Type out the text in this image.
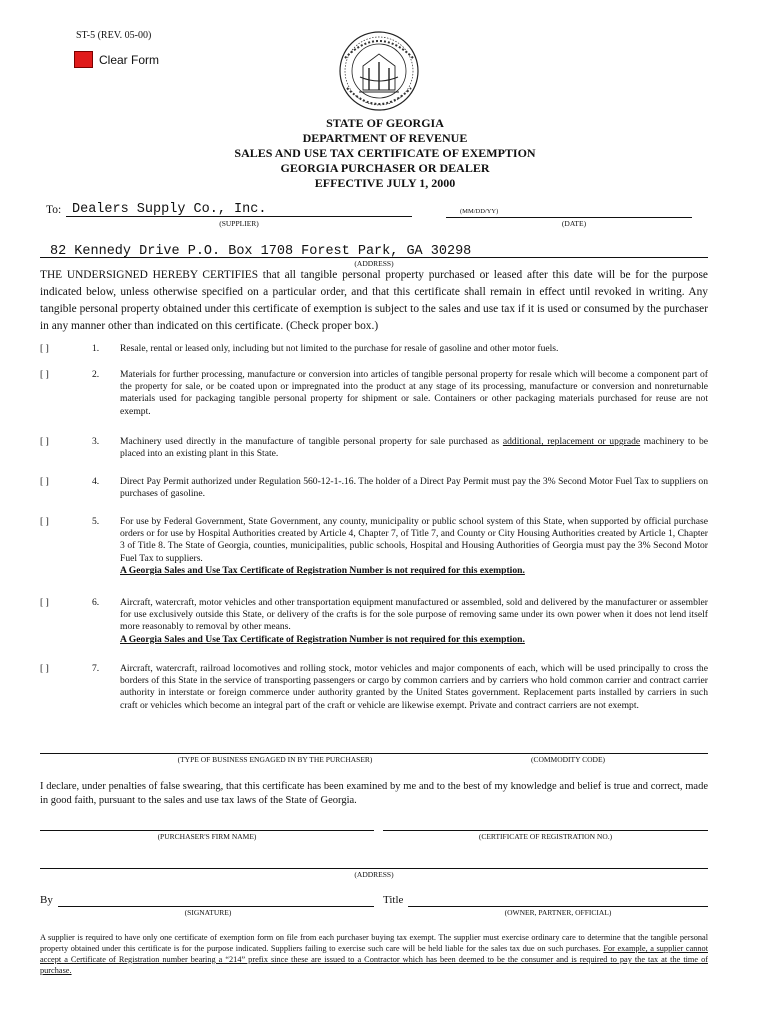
ST-5 (REV. 05-00)
Clear Form
STATE OF GEORGIA
DEPARTMENT OF REVENUE
SALES AND USE TAX CERTIFICATE OF EXEMPTION
GEORGIA PURCHASER OR DEALER
EFFECTIVE JULY 1, 2000
To: Dealers Supply Co., Inc.
(SUPPLIER)
(MM/DD/YY)
(DATE)
82 Kennedy Drive P.O. Box 1708 Forest Park, GA 30298
(ADDRESS)
THE UNDERSIGNED HEREBY CERTIFIES that all tangible personal property purchased or leased after this date will be for the purpose indicated below, unless otherwise specified on a particular order, and that this certificate shall remain in effect until revoked in writing. Any tangible personal property obtained under this certificate of exemption is subject to the sales and use tax if it is used or consumed by the purchaser in any manner other than indicated on this certificate. (Check proper box.)
[ ]	1. Resale, rental or leased only, including but not limited to the purchase for resale of gasoline and other motor fuels.
[ ]	2. Materials for further processing, manufacture or conversion into articles of tangible personal property for resale which will become a component part of the property for sale, or be coated upon or impregnated into the product at any stage of its processing, manufacture or conversion and nonreturnable materials used for packaging tangible personal property for shipment or sale. Containers or other packaging materials purchased for reuse are not exempt.
[ ]	3. Machinery used directly in the manufacture of tangible personal property for sale purchased as additional, replacement or upgrade machinery to be placed into an existing plant in this State.
[ ]	4. Direct Pay Permit authorized under Regulation 560-12-1-.16. The holder of a Direct Pay Permit must pay the 3% Second Motor Fuel Tax to suppliers on purchases of gasoline.
[ ]	5. For use by Federal Government, State Government, any county, municipality or public school system of this State, when supported by official purchase orders or for use by Hospital Authorities created by Article 4, Chapter 7, of Title 7, and County or City Housing Authorities created by Article 1, Chapter 3 of Title 8. The State of Georgia, counties, municipalities, public schools, Hospital and Housing Authorities of Georgia must pay the 3% Second Motor Fuel Tax to suppliers.
A Georgia Sales and Use Tax Certificate of Registration Number is not required for this exemption.
[ ]	6. Aircraft, watercraft, motor vehicles and other transportation equipment manufactured or assembled, sold and delivered by the manufacturer or assembler for use exclusively outside this State, or delivery of the crafts is for the sole purpose of removing same under its own power when it does not lend itself more reasonably to removal by other means.
A Georgia Sales and Use Tax Certificate of Registration Number is not required for this exemption.
[ ]	7. Aircraft, watercraft, railroad locomotives and rolling stock, motor vehicles and major components of each, which will be used principally to cross the borders of this State in the service of transporting passengers or cargo by common carriers and by carriers who hold common carrier and contract carrier authority in interstate or foreign commerce under authority granted by the United States government. Replacement parts installed by carriers in such craft or vehicles which become an integral part of the craft or vehicle are likewise exempt. Private and contract carriers are not exempt.
(TYPE OF BUSINESS ENGAGED IN BY THE PURCHASER)	(COMMODITY CODE)
I declare, under penalties of false swearing, that this certificate has been examined by me and to the best of my knowledge and belief is true and correct, made in good faith, pursuant to the sales and use tax laws of the State of Georgia.
(PURCHASER'S FIRM NAME)	(CERTIFICATE OF REGISTRATION NO.)
(ADDRESS)
By
(SIGNATURE)
Title
(OWNER, PARTNER, OFFICIAL)
A supplier is required to have only one certificate of exemption form on file from each purchaser buying tax exempt. The supplier must exercise ordinary care to determine that the tangible personal property obtained under this certificate is for the purpose indicated. Suppliers failing to exercise such care will be held liable for the sales tax due on such purchases. For example, a supplier cannot accept a Certificate of Registration number bearing a “214” prefix since these are issued to a Contractor which has been deemed to be the consumer and is required to pay the tax at the time of purchase.
